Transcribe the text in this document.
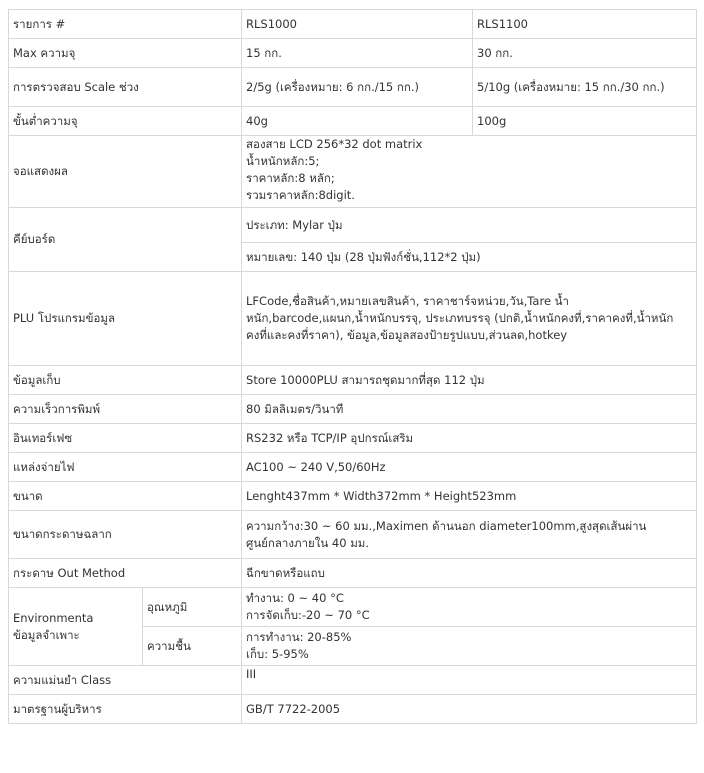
รายการ #		RLS1000	RLS1100
Max ความจุ		15 กก.	30 กก.
การตรวจสอบ Scale ช่วง		2/5g (เครื่องหมาย: 6 กก./15 กก.)	5/10g (เครื่องหมาย: 15 กก./30 กก.)
ขั้นต่ำความจุ		40g	100g
จอแสดงผล		สองสาย LCD 256*32 dot matrix
น้ำหนักหลัก:5;
ราคาหลัก:8 หลัก;
รวมราคาหลัก:8digit.	

คีย์บอร์ด		ประเภท: Mylar ปุ่ม	
		หมายเลข: 140 ปุ่ม (28 ปุ่มฟังก์ชั่น,112*2 ปุ่ม)	
PLU โปรแกรมข้อมูล		LFCode,ชื่อสินค้า,หมายเลขสินค้า, ราคาชาร์จหน่วย,วัน,Tare น้ำหนัก,barcode,แผนก,น้ำหนักบรรจุ, ประเภทบรรจุ (ปกติ,น้ำหนักคงที่,ราคาคงที่,น้ำหนักคงที่และคงที่ราคา), ข้อมูล,ข้อมูลสองป้ายรูปแบบ,ส่วนลด,hotkey	
ข้อมูลเก็บ		Store 10000PLU สามารถชุดมากที่สุด 112 ปุ่ม	
ความเร็วการพิมพ์		80 มิลลิเมตร/วินาที	
อินเทอร์เฟซ		RS232 หรือ TCP/IP อุปกรณ์เสริม	
แหล่งจ่ายไฟ		AC100 ~ 240 V,50/60Hz	
ขนาด		Lenght437mm * Width372mm * Height523mm	
ขนาดกระดาษฉลาก		ความกว้าง:30 ~ 60 มม.,Maximen ด้านนอก diameter100mm,สูงสุดเส้นผ่านศูนย์กลางภายใน 40 มม.	
กระดาษ Out Method		ฉีกขาดหรือแถบ	

Environmenta
ข้อมูลจำเพาะ	อุณหภูมิ	ทำงาน: 0 ~ 40 °C
การจัดเก็บ:-20 ~ 70 °C	

	ความชื้น	การทำงาน: 20-85%
เก็บ: 5-95%	

ความแม่นยำ Class		III	
มาตรฐานผู้บริหาร		GB/T 7722-2005	
